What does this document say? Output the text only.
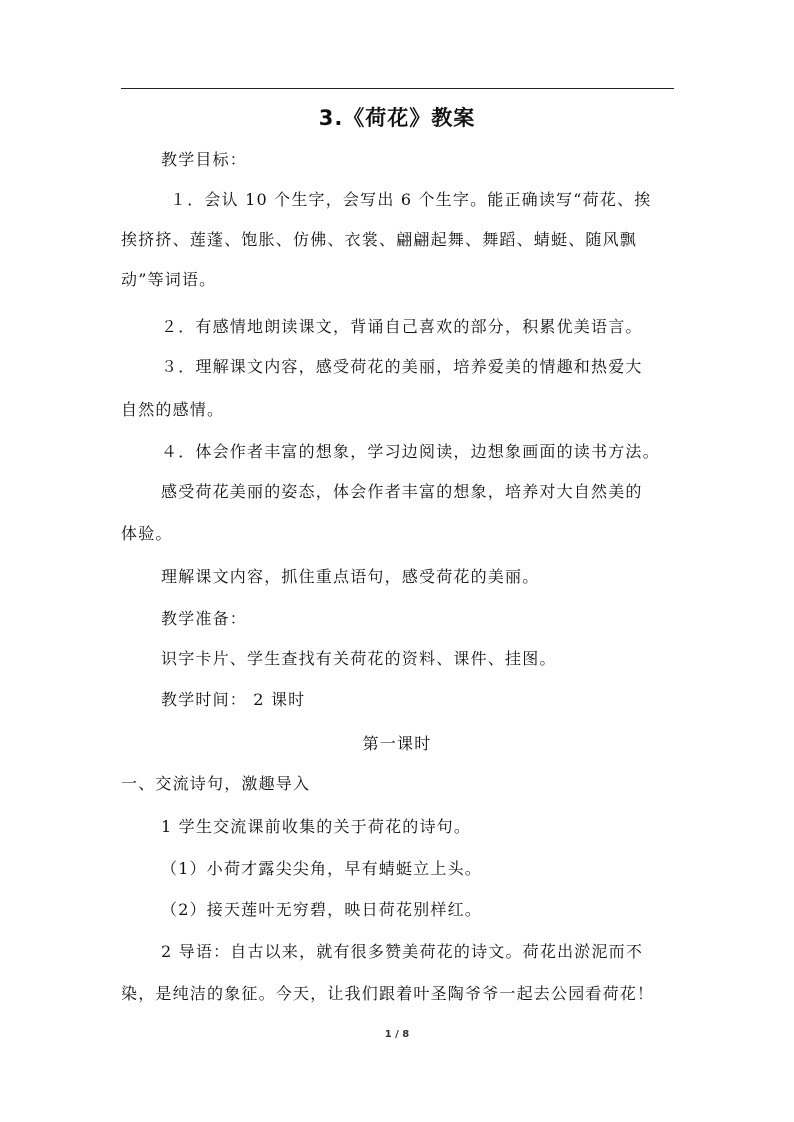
3.《荷花》教案
教学目标：
１．会认 10 个生字，会写出 6 个生字。能正确读写“荷花、挨
挨挤挤、莲蓬、饱胀、仿佛、衣裳、翩翩起舞、舞蹈、蜻蜓、随风飘
动”等词语。
２．有感情地朗读课文，背诵自己喜欢的部分，积累优美语言。
３．理解课文内容，感受荷花的美丽，培养爱美的情趣和热爱大
自然的感情。
４．体会作者丰富的想象，学习边阅读，边想象画面的读书方法。
感受荷花美丽的姿态，体会作者丰富的想象，培养对大自然美的
体验。
理解课文内容，抓住重点语句，感受荷花的美丽。
教学准备：
识字卡片、学生查找有关荷花的资料、课件、挂图。
教学时间： 2 课时
第一课时
一、交流诗句，激趣导入
1 学生交流课前收集的关于荷花的诗句。
（1）小荷才露尖尖角，早有蜻蜓立上头。
（2）接天莲叶无穷碧，映日荷花别样红。
2 导语：自古以来，就有很多赞美荷花的诗文。荷花出淤泥而不
染，是纯洁的象征。今天，让我们跟着叶圣陶爷爷一起去公园看荷花！
1 / 8
